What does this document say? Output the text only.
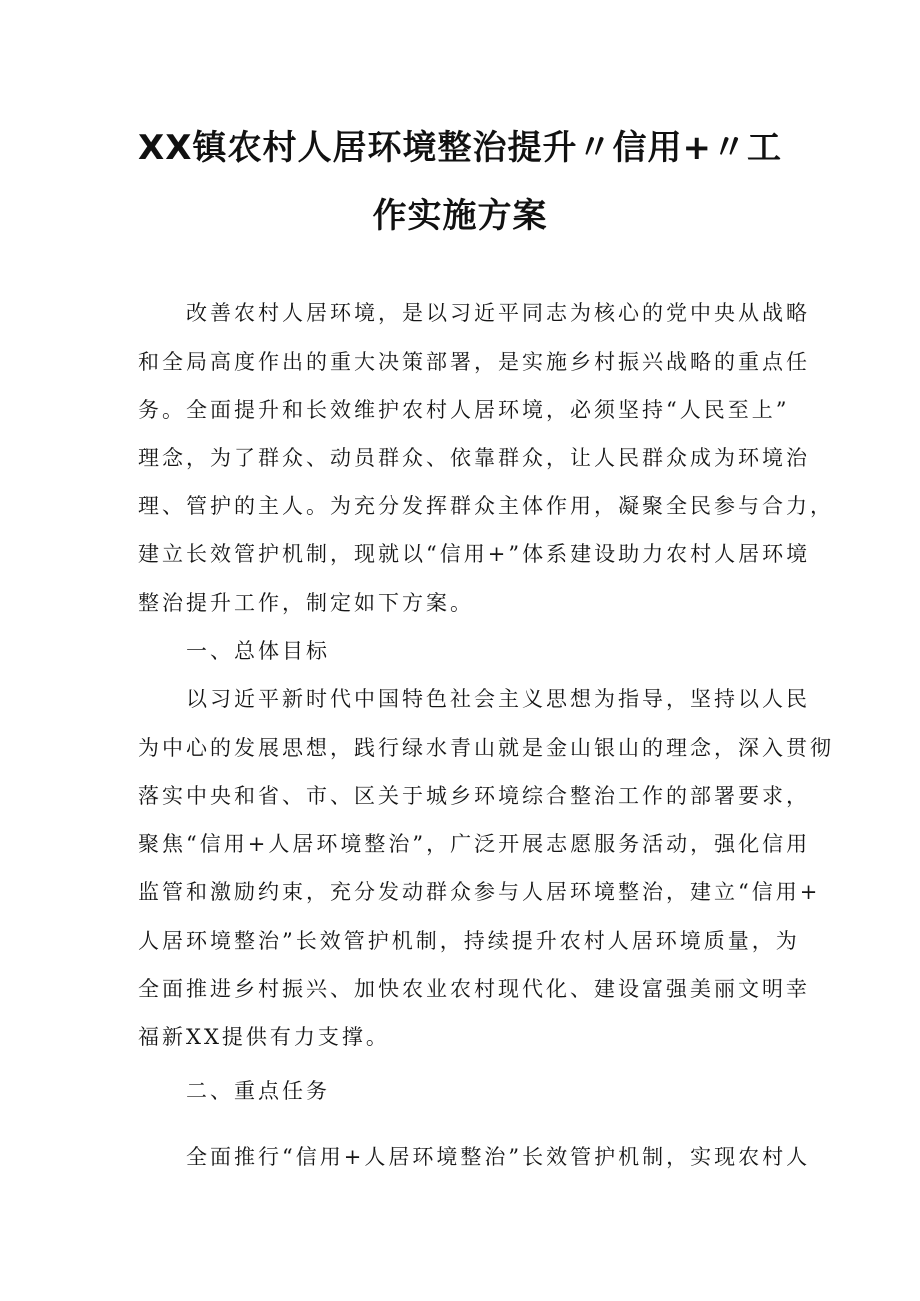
XX镇农村人居环境整治提升〃信用+〃工
作实施方案
改善农村人居环境，是以习近平同志为核心的党中央从战略
和全局高度作出的重大决策部署，是实施乡村振兴战略的重点任
务。全面提升和长效维护农村人居环境，必须坚持“人民至上”
理念，为了群众、动员群众、依靠群众，让人民群众成为环境治
理、管护的主人。为充分发挥群众主体作用，凝聚全民参与合力，
建立长效管护机制，现就以“信用+”体系建设助力农村人居环境
整治提升工作，制定如下方案。
一、总体目标
以习近平新时代中国特色社会主义思想为指导，坚持以人民
为中心的发展思想，践行绿水青山就是金山银山的理念，深入贯彻
落实中央和省、市、区关于城乡环境综合整治工作的部署要求，
聚焦“信用+人居环境整治”，广泛开展志愿服务活动，强化信用
监管和激励约束，充分发动群众参与人居环境整治，建立“信用+
人居环境整治”长效管护机制，持续提升农村人居环境质量，为
全面推进乡村振兴、加快农业农村现代化、建设富强美丽文明幸
福新XX提供有力支撑。
二、重点任务
全面推行“信用+人居环境整治”长效管护机制，实现农村人
